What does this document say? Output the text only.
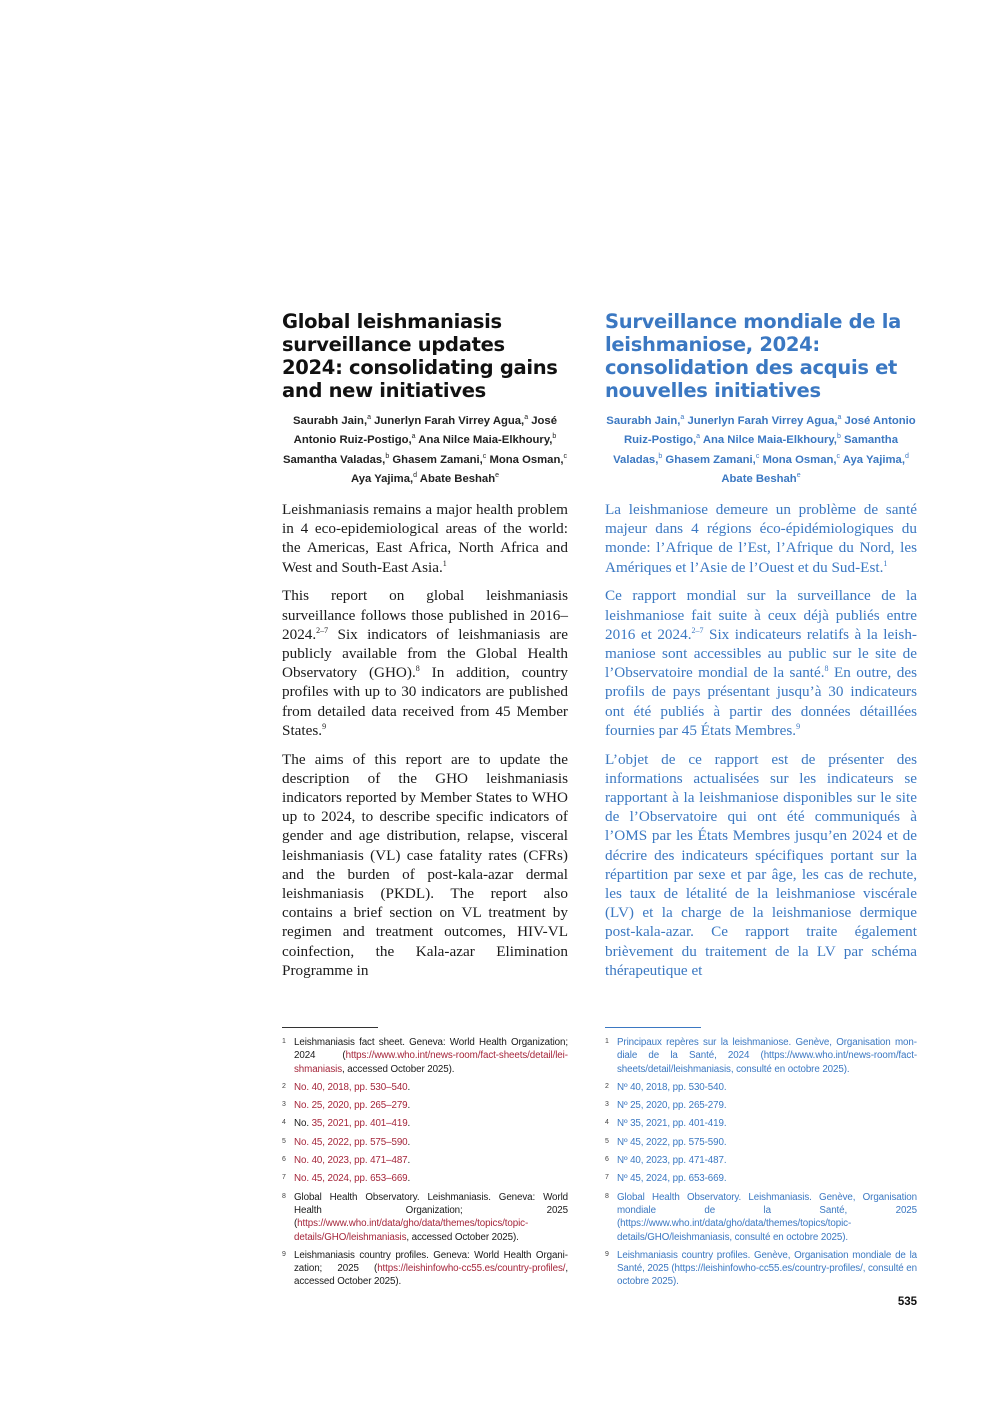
Global leishmaniasis surveillance updates 2024: consolidating gains and new initiatives
Saurabh Jain,$^a$ Junerlyn Farah Virrey Agua,$^a$ José Antonio Ruiz-Postigo,$^a$ Ana Nilce Maia-Elkhoury,$^b$ Samantha Valadas,$^b$ Ghasem Zamani,$^c$ Mona Osman,$^c$ Aya Yajima,$^d$ Abate Beshah$^e$

Leishmaniasis remains a major health problem in 4 eco-epidemiological areas of the world: the Americas, East Africa, North Africa and West and South-East Asia.$^1$

This report on global leishmaniasis surveillance follows those published in 2016–2024.$^{2-7}$ Six indicators of leishmaniasis are publicly available from the Global Health Observatory (GHO).$^8$ In addition, country profiles with up to 30 indicators are published from detailed data received from 45 Member States.$^9$

The aims of this report are to update the description of the GHO leishmaniasis indicators reported by Member States to WHO up to 2024, to describe specific indicators of gender and age distribution, relapse, visceral leishmaniasis (VL) case fatality rates (CFRs) and the burden of post-kala-azar dermal leishmaniasis (PKDL). The report also contains a brief section on VL treatment by regimen and treatment outcomes, HIV-VL coinfection, the Kala-azar Elimination Programme in

Surveillance mondiale de la leishmaniose, 2024: consolidation des acquis et nouvelles initiatives
Saurabh Jain,$^a$ Junerlyn Farah Virrey Agua,$^a$ José Antonio Ruiz-Postigo,$^a$ Ana Nilce Maia-Elkhoury,$^b$ Samantha Valadas,$^b$ Ghasem Zamani,$^c$ Mona Osman,$^c$ Aya Yajima,$^d$ Abate Beshah$^e$

La leishmaniose demeure un problème de santé majeur dans 4 régions éco-épidémiologiques du monde: l’Afrique de l’Est, l’Afrique du Nord, les Amériques et l’Asie de l’Ouest et du Sud-Est.$^1$

Ce rapport mondial sur la surveillance de la leishmaniose fait suite à ceux déjà publiés entre 2016 et 2024.$^{2-7}$ Six indicateurs relatifs à la leishmaniose sont accessibles au public sur le site de l’Observatoire mondial de la santé.$^8$ En outre, des profils de pays présentant jusqu’à 30 indicateurs ont été publiés à partir des données détaillées fournies par 45 États Membres.$^9$

L’objet de ce rapport est de présenter des informations actualisées sur les indicateurs se rapportant à la leishmaniose disponibles sur le site de l’Observatoire qui ont été communiqués à l’OMS par les États Membres jusqu’en 2024 et de décrire des indicateurs spécifiques portant sur la répartition par sexe et par âge, les cas de rechute, les taux de létalité de la leishmaniose viscérale (LV) et la charge de la leishmaniose dermique post-kala-azar. Ce rapport traite également brièvement du traitement de la LV par schéma thérapeutique et

1 Leishmaniasis fact sheet. Geneva: World Health Organization; 2024 (https://www.who.int/news-room/fact-sheets/detail/leishmaniasis, accessed October 2025).
2 No. 40, 2018, pp. 530–540.
3 No. 25, 2020, pp. 265–279.
4 No. 35, 2021, pp. 401–419.
5 No. 45, 2022, pp. 575–590.
6 No. 40, 2023, pp. 471–487.
7 No. 45, 2024, pp. 653–669.
8 Global Health Observatory. Leishmaniasis. Geneva: World Health Organization; 2025 (https://www.who.int/data/gho/data/themes/topics/topic-details/GHO/leishmaniasis, accessed October 2025).
9 Leishmaniasis country profiles. Geneva: World Health Organization; 2025 (https://leishinfowho-cc55.es/country-profiles/, accessed October 2025).
1 Principaux repères sur la leishmaniose. Genève, Organisation mondiale de la Santé, 2024 (https://www.who.int/news-room/fact-sheets/detail/leishmaniasis, consulté en octobre 2025).
2 Nº 40, 2018, pp. 530-540.
3 Nº 25, 2020, pp. 265-279.
4 Nº 35, 2021, pp. 401-419.
5 Nº 45, 2022, pp. 575-590.
6 Nº 40, 2023, pp. 471-487.
7 Nº 45, 2024, pp. 653-669.
8 Global Health Observatory. Leishmaniasis. Genève, Organisation mondiale de la Santé, 2025 (https://www.who.int/data/gho/data/themes/topics/topic-details/GHO/leishmaniasis, consulté en octobre 2025).
9 Leishmaniasis country profiles. Genève, Organisation mondiale de la Santé, 2025 (https://leishinfowho-cc55.es/country-profiles/, consulté en octobre 2025).
535
